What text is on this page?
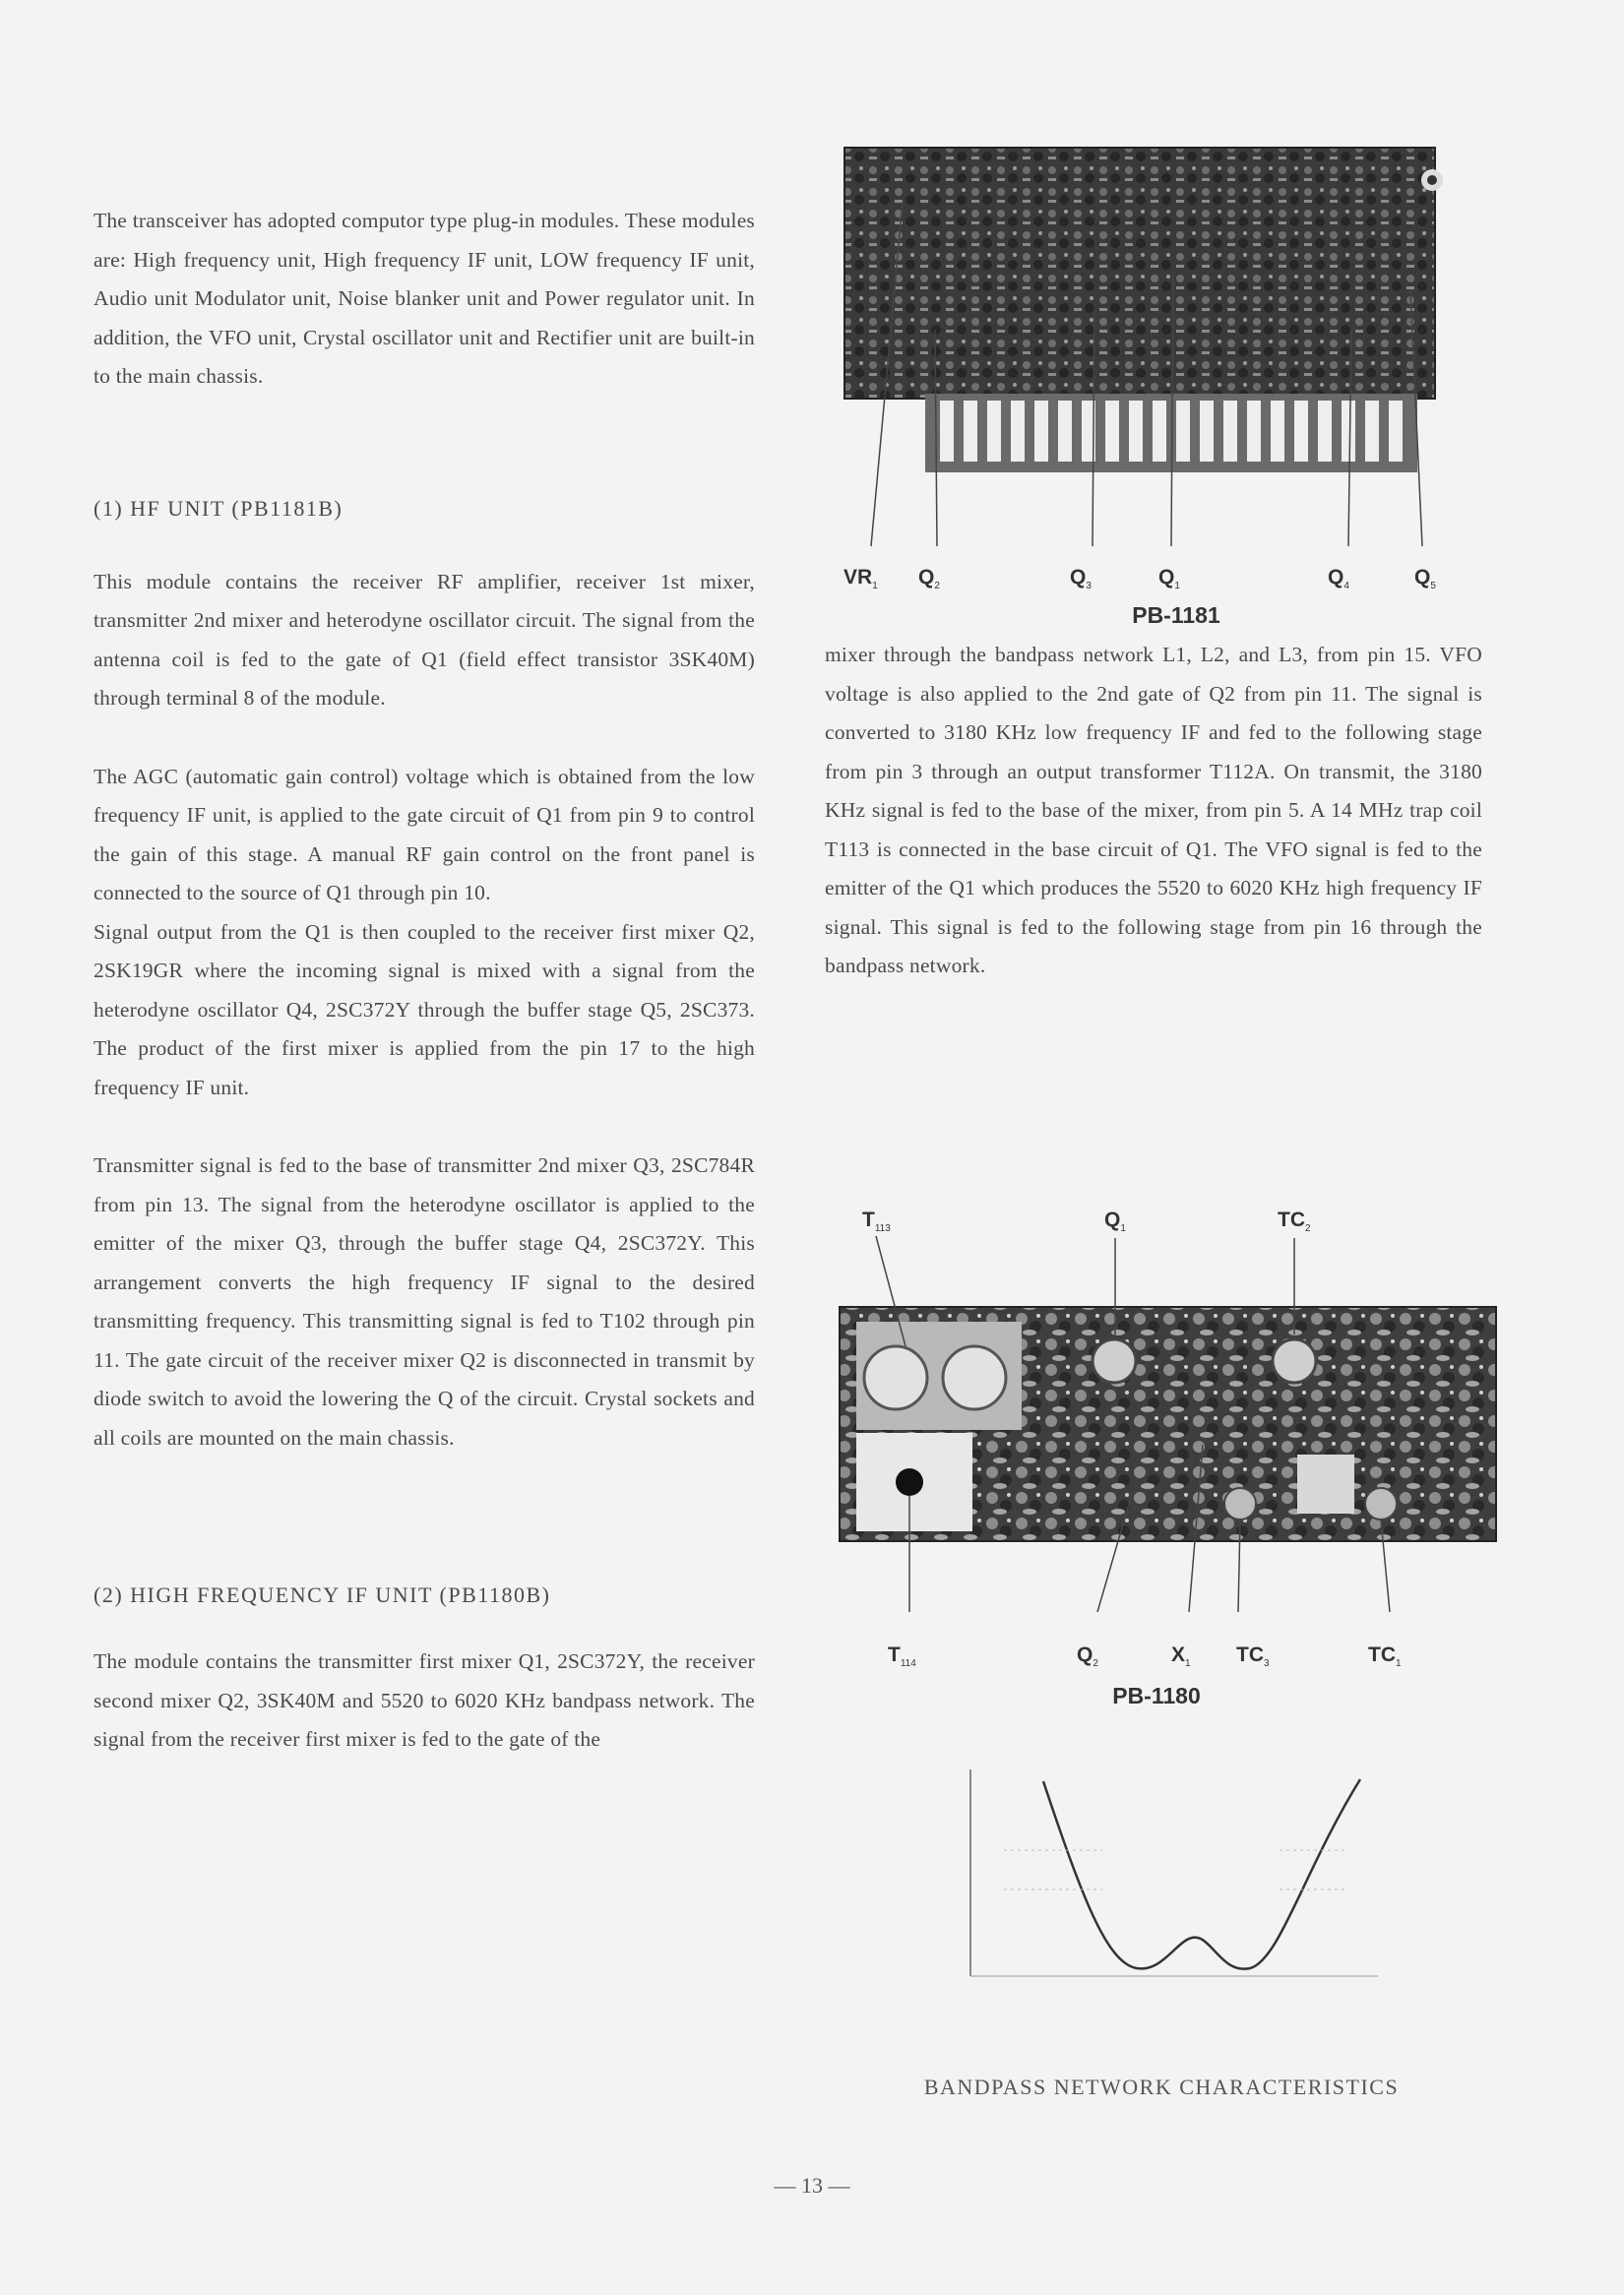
The transceiver has adopted computor type plug-in modules. These modules are: High frequency unit, High frequency IF unit, LOW frequency IF unit, Audio unit Modulator unit, Noise blanker unit and Power regulator unit. In addition, the VFO unit, Crystal oscillator unit and Rectifier unit are built-in to the main chassis.

(1) HF UNIT (PB1181B)

This module contains the receiver RF amplifier, receiver 1st mixer, transmitter 2nd mixer and heterodyne oscillator circuit. The signal from the antenna coil is fed to the gate of Q1 (field effect transistor 3SK40M) through terminal 8 of the module.

The AGC (automatic gain control) voltage which is obtained from the low frequency IF unit, is applied to the gate circuit of Q1 from pin 9 to control the gain of this stage. A manual RF gain control on the front panel is connected to the source of Q1 through pin 10.

Signal output from the Q1 is then coupled to the receiver first mixer Q2, 2SK19GR where the incoming signal is mixed with a signal from the heterodyne oscillator Q4, 2SC372Y through the buffer stage Q5, 2SC373. The product of the first mixer is applied from the pin 17 to the high frequency IF unit.

Transmitter signal is fed to the base of transmitter 2nd mixer Q3, 2SC784R from pin 13. The signal from the heterodyne oscillator is applied to the emitter of the mixer Q3, through the buffer stage Q4, 2SC372Y. This arrangement converts the high frequency IF signal to the desired transmitting frequency. This transmitting signal is fed to T102 through pin 11. The gate circuit of the receiver mixer Q2 is disconnected in transmit by diode switch to avoid the lowering the Q of the circuit. Crystal sockets and all coils are mounted on the main chassis.

(2) HIGH FREQUENCY IF UNIT (PB1180B)

The module contains the transmitter first mixer Q1, 2SC372Y, the receiver second mixer Q2, 3SK40M and 5520 to 6020 KHz bandpass network. The signal from the receiver first mixer is fed to the gate of the

$VR_1$ $Q_2$	$Q_3$	$Q_1$	$Q_4$	$Q_5$
PB-1181

mixer through the bandpass network L1, L2, and L3, from pin 15. VFO voltage is also applied to the 2nd gate of Q2 from pin 11. The signal is converted to 3180 KHz low frequency IF and fed to the following stage from pin 3 through an output transformer T112A. On transmit, the 3180 KHz signal is fed to the base of the mixer, from pin 5. A 14 MHz trap coil T113 is connected in the base circuit of Q1. The VFO signal is fed to the emitter of the Q1 which produces the 5520 to 6020 KHz high frequency IF signal. This signal is fed to the following stage from pin 16 through the bandpass network.

$T_{113}$	$Q_1$	$TC_2$
$T_{114}$	$Q_2$	$X_1$ $TC_3$	$TC_1$
PB-1180
BANDPASS NETWORK CHARACTERISTICS
— 13 —
